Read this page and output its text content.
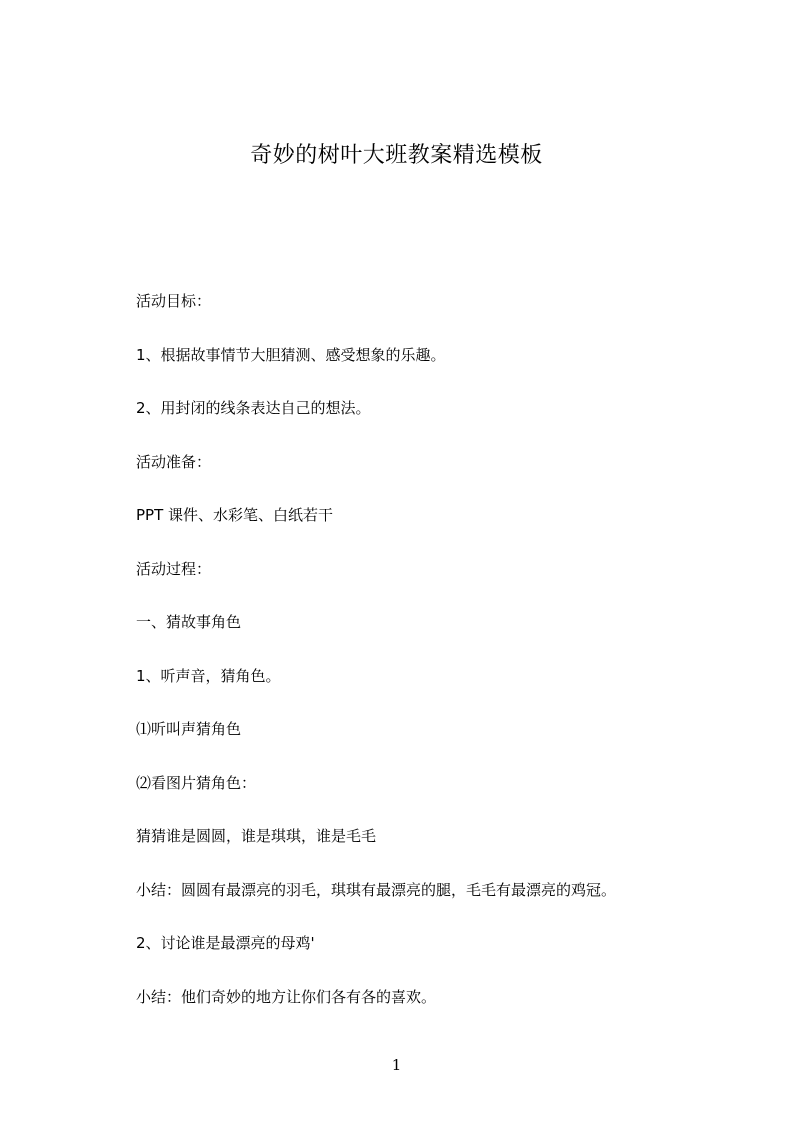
奇妙的树叶大班教案精选模板
活动目标：
1、根据故事情节大胆猜测、感受想象的乐趣。
2、用封闭的线条表达自己的想法。
活动准备：
PPT 课件、水彩笔、白纸若干
活动过程：
一、猜故事角色
1、听声音，猜角色。
⑴听叫声猜角色
⑵看图片猜角色：
猜猜谁是圆圆，谁是琪琪，谁是毛毛
小结：圆圆有最漂亮的羽毛，琪琪有最漂亮的腿，毛毛有最漂亮的鸡冠。
2、讨论谁是最漂亮的母鸡'
小结：他们奇妙的地方让你们各有各的喜欢。
1
